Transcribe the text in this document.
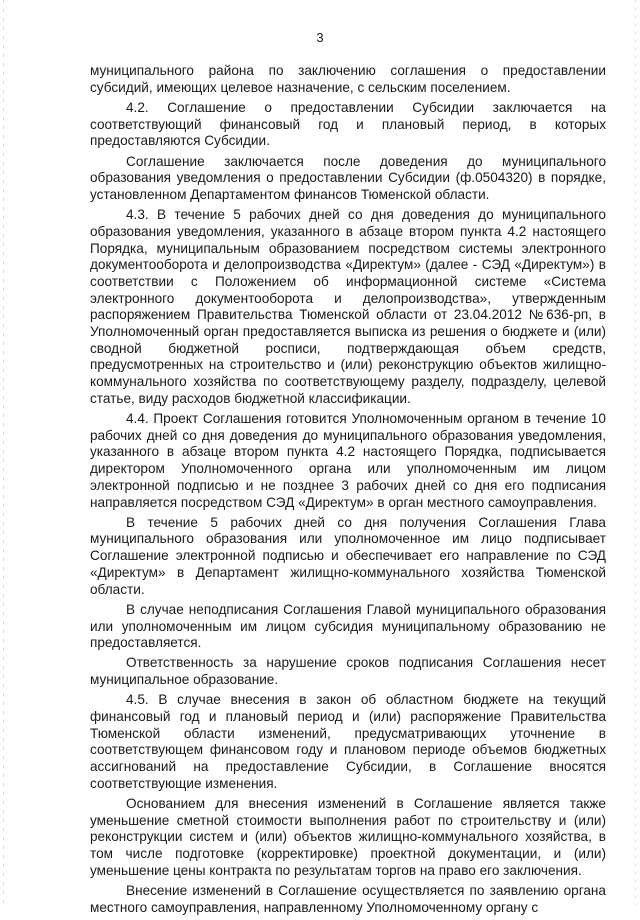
3

муниципального района по заключению соглашения о предоставлении субсидий, имеющих целевое назначение, с сельским поселением.

4.2. Соглашение о предоставлении Субсидии заключается на соответствующий финансовый год и плановый период, в которых предоставляются Субсидии.

Соглашение заключается после доведения до муниципального образования уведомления о предоставлении Субсидии (ф.0504320) в порядке, установленном Департаментом финансов Тюменской области.

4.3. В течение 5 рабочих дней со дня доведения до муниципального образования уведомления, указанного в абзаце втором пункта 4.2 настоящего Порядка, муниципальным образованием посредством системы электронного документооборота и делопроизводства «Директум» (далее - СЭД «Директум») в соответствии с Положением об информационной системе «Система электронного документооборота и делопроизводства», утвержденным распоряжением Правительства Тюменской области от 23.04.2012 №636-рп, в Уполномоченный орган предоставляется выписка из решения о бюджете и (или) сводной бюджетной росписи, подтверждающая объем средств, предусмотренных на строительство и (или) реконструкцию объектов жилищно-коммунального хозяйства по соответствующему разделу, подразделу, целевой статье, виду расходов бюджетной классификации.

4.4. Проект Соглашения готовится Уполномоченным органом в течение 10 рабочих дней со дня доведения до муниципального образования уведомления, указанного в абзаце втором пункта 4.2 настоящего Порядка, подписывается директором Уполномоченного органа или уполномоченным им лицом электронной подписью и не позднее 3 рабочих дней со дня его подписания направляется посредством СЭД «Директум» в орган местного самоуправления.

В течение 5 рабочих дней со дня получения Соглашения Глава муниципального образования или уполномоченное им лицо подписывает Соглашение электронной подписью и обеспечивает его направление по СЭД «Директум» в Департамент жилищно-коммунального хозяйства Тюменской области.

В случае неподписания Соглашения Главой муниципального образования или уполномоченным им лицом субсидия муниципальному образованию не предоставляется.

Ответственность за нарушение сроков подписания Соглашения несет муниципальное образование.

4.5. В случае внесения в закон об областном бюджете на текущий финансовый год и плановый период и (или) распоряжение Правительства Тюменской области изменений, предусматривающих уточнение в соответствующем финансовом году и плановом периоде объемов бюджетных ассигнований на предоставление Субсидии, в Соглашение вносятся соответствующие изменения.

Основанием для внесения изменений в Соглашение является также уменьшение сметной стоимости выполнения работ по строительству и (или) реконструкции систем и (или) объектов жилищно-коммунального хозяйства, в том числе подготовке (корректировке) проектной документации, и (или) уменьшение цены контракта по результатам торгов на право его заключения.

Внесение изменений в Соглашение осуществляется по заявлению органа местного самоуправления, направленному Уполномоченному органу с
